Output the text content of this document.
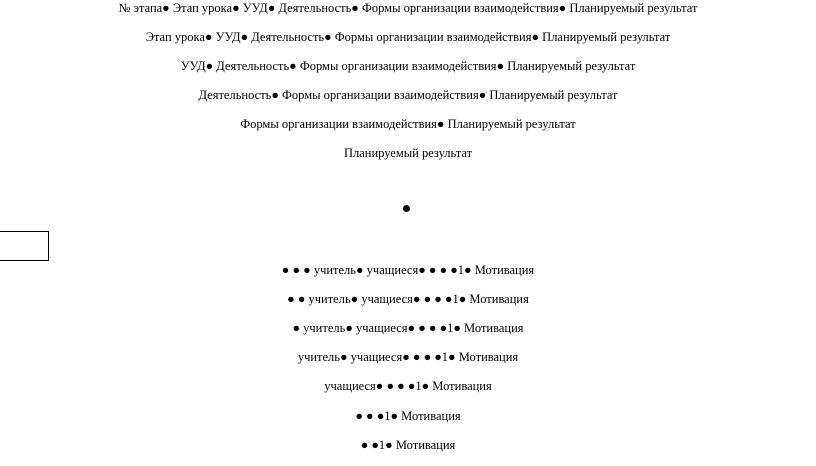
№ этапа● Этап урока● УУД● Деятельность● Формы организации взаимодействия● Планируемый результат
Этап урока● УУД● Деятельность● Формы организации взаимодействия● Планируемый результат
УУД● Деятельность● Формы организации взаимодействия● Планируемый результат
Деятельность● Формы организации взаимодействия● Планируемый результат
Формы организации взаимодействия● Планируемый результат
Планируемый результат
● ● ● учитель● учащиеся● ● ● ●1● Мотивация
● ● учитель● учащиеся● ● ● ●1● Мотивация
● учитель● учащиеся● ● ● ●1● Мотивация
учитель● учащиеся● ● ● ●1● Мотивация
учащиеся● ● ● ●1● Мотивация
● ● ●1● Мотивация
● ●1● Мотивация
